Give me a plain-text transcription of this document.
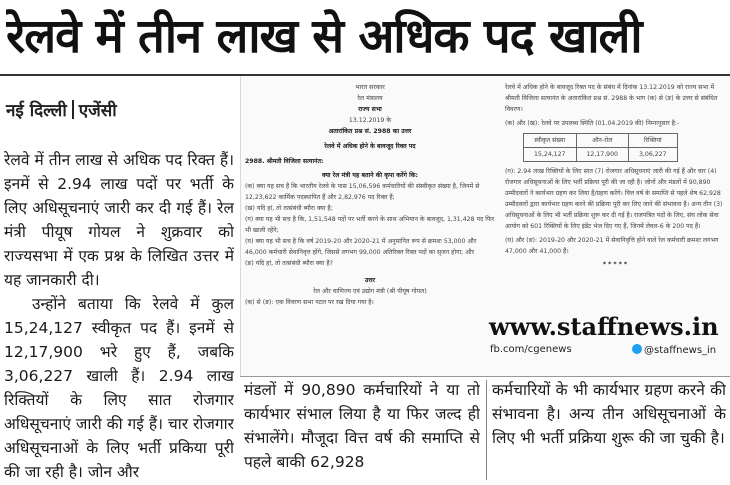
रेलवे में तीन लाख से अधिक पद खाली
नई दिल्ली एजेंसी

रेलवे में तीन लाख से अधिक पद रिक्त हैं। इनमें से 2.94 लाख पदों पर भर्ती के लिए अधिसूचनाएं जारी कर दी गई हैं। रेल मंत्री पीयूष गोयल ने शुक्रवार को राज्यसभा में एक प्रश्न के लिखित उत्तर में यह जानकारी दी।

उन्होंने बताया कि रेलवे में कुल 15,24,127 स्वीकृत पद हैं। इनमें से 12,17,900 भरे हुए हैं, जबकि 3,06,227 खाली हैं। 2.94 लाख रिक्तियों के लिए सात रोजगार अधिसूचनाएं जारी की गई हैं। चार रोजगार अधिसूचनाओं के लिए भर्ती प्रकिया पूरी की जा रही है। जोन और

भारत सरकार
रेल मंत्रालय
राज्य सभा
13.12.2019 के
अतारांकित प्रश्न सं. 2988 का उत्तर
रेलवे में अधिक होने के बावजूद रिक्त पद
2988. श्रीमती विजिला सत्यानंत:
क्या रेल मंत्री यह बताने की कृपा करेंगे कि:
(क) क्या यह सच है कि भारतीय रेलवे के पास 15,06,596 कर्मचारियों की संस्वीकृत संख्या है, जिनमें से 12,23,622 कार्मिक पदस्थापित हैं और 2,82,976 पद रिक्त हैं;
(ख) यदि हां, तो तत्संबंधी ब्यौरा क्या है;
(ग) क्या यह भी सच है कि, 1,51,548 पदों पर भर्ती करने के साथ अभियान के बावजूद, 1,31,428 पद फिर भी खाली रहेंगे;
(घ) क्या यह भी सच है कि वर्ष 2019-20 और 2020-21 में अनुमानित रूप से क्रमशः 53,000 और 46,000 कर्मचारी सेवानिवृत्त होंगे, जिससे लगभग 99,000 अतिरिक्त रिक्त पदों का सृजन होगा; और
(ङ) यदि हां, तो तत्संबंधी ब्यौरा क्या है?
उत्तर
रेल और वाणिज्य एवं उद्योग मंत्री (श्री पीयूष गोयल)
(क) से (ङ): एक विवरण सभा पटल पर रख दिया गया है।
रेलवे में अधिक होने के बावजूद रिक्त पद के संबंध में दिनांक 13.12.2019 को राज्य सभा में श्रीमती विजिला सत्यानंत के अतारांकित प्रश्न सं. 2988 के भाग (क) से (ङ) के उत्तर से संबंधित विवरण।
(क) और (ख): रेलवे पर उपलब्ध स्थिति (01.04.2019 की) निम्नानुसार है:-
स्वीकृत संख्या	ऑन-रोल	रिक्तियां
15,24,127	12,17,900	3,06,227
(ग): 2.94 लाख रिक्तियों के लिए सात (7) रोजगार अधिसूचनाएं जारी की गई हैं और चार (4) रोजगार अधिसूचनाओं के लिए भर्ती प्रक्रिया पूरी की जा रही है। जोनों और मंडलों में 90,890 उम्मीदवारों ने कार्यभार ग्रहण कर लिया है/ग्रहण करेंगे। वित्त वर्ष के समाप्ति से पहले शेष 62,928 उम्मीदवारों द्वारा कार्यभार ग्रहण करने की प्रक्रिया पूरी कर लिए जाने की संभावना है। अन्य तीन (3) अधिसूचनाओं के लिए भी भर्ती प्रक्रिया शुरू कर दी गई है। राजपत्रित पदों के लिए, संघ लोक सेवा आयोग को 601 रिक्तियों के लिए इंडेंट भेज दिए गए हैं, जिनमें लेवल-6 के 200 पद हैं।
(घ) और (ङ): 2019-20 और 2020-21 में सेवानिवृत्ति होने वाले रेल कर्मचारी क्रमशः लगभग 47,000 और 41,000 हैं।
*****
www.staffnews.in
fb.com/cgenews	@staffnews_in
मंडलों में 90,890 कर्मचारियों ने या तो कार्यभार संभाल लिया है या फिर जल्द ही संभालेंगे। मौजूदा वित्त वर्ष की समाप्ति से पहले बाकी 62,928
कर्मचारियों के भी कार्यभार ग्रहण करने की संभावना है। अन्य तीन अधिसूचनाओं के लिए भी भर्ती प्रक्रिया शुरू की जा चुकी है।
